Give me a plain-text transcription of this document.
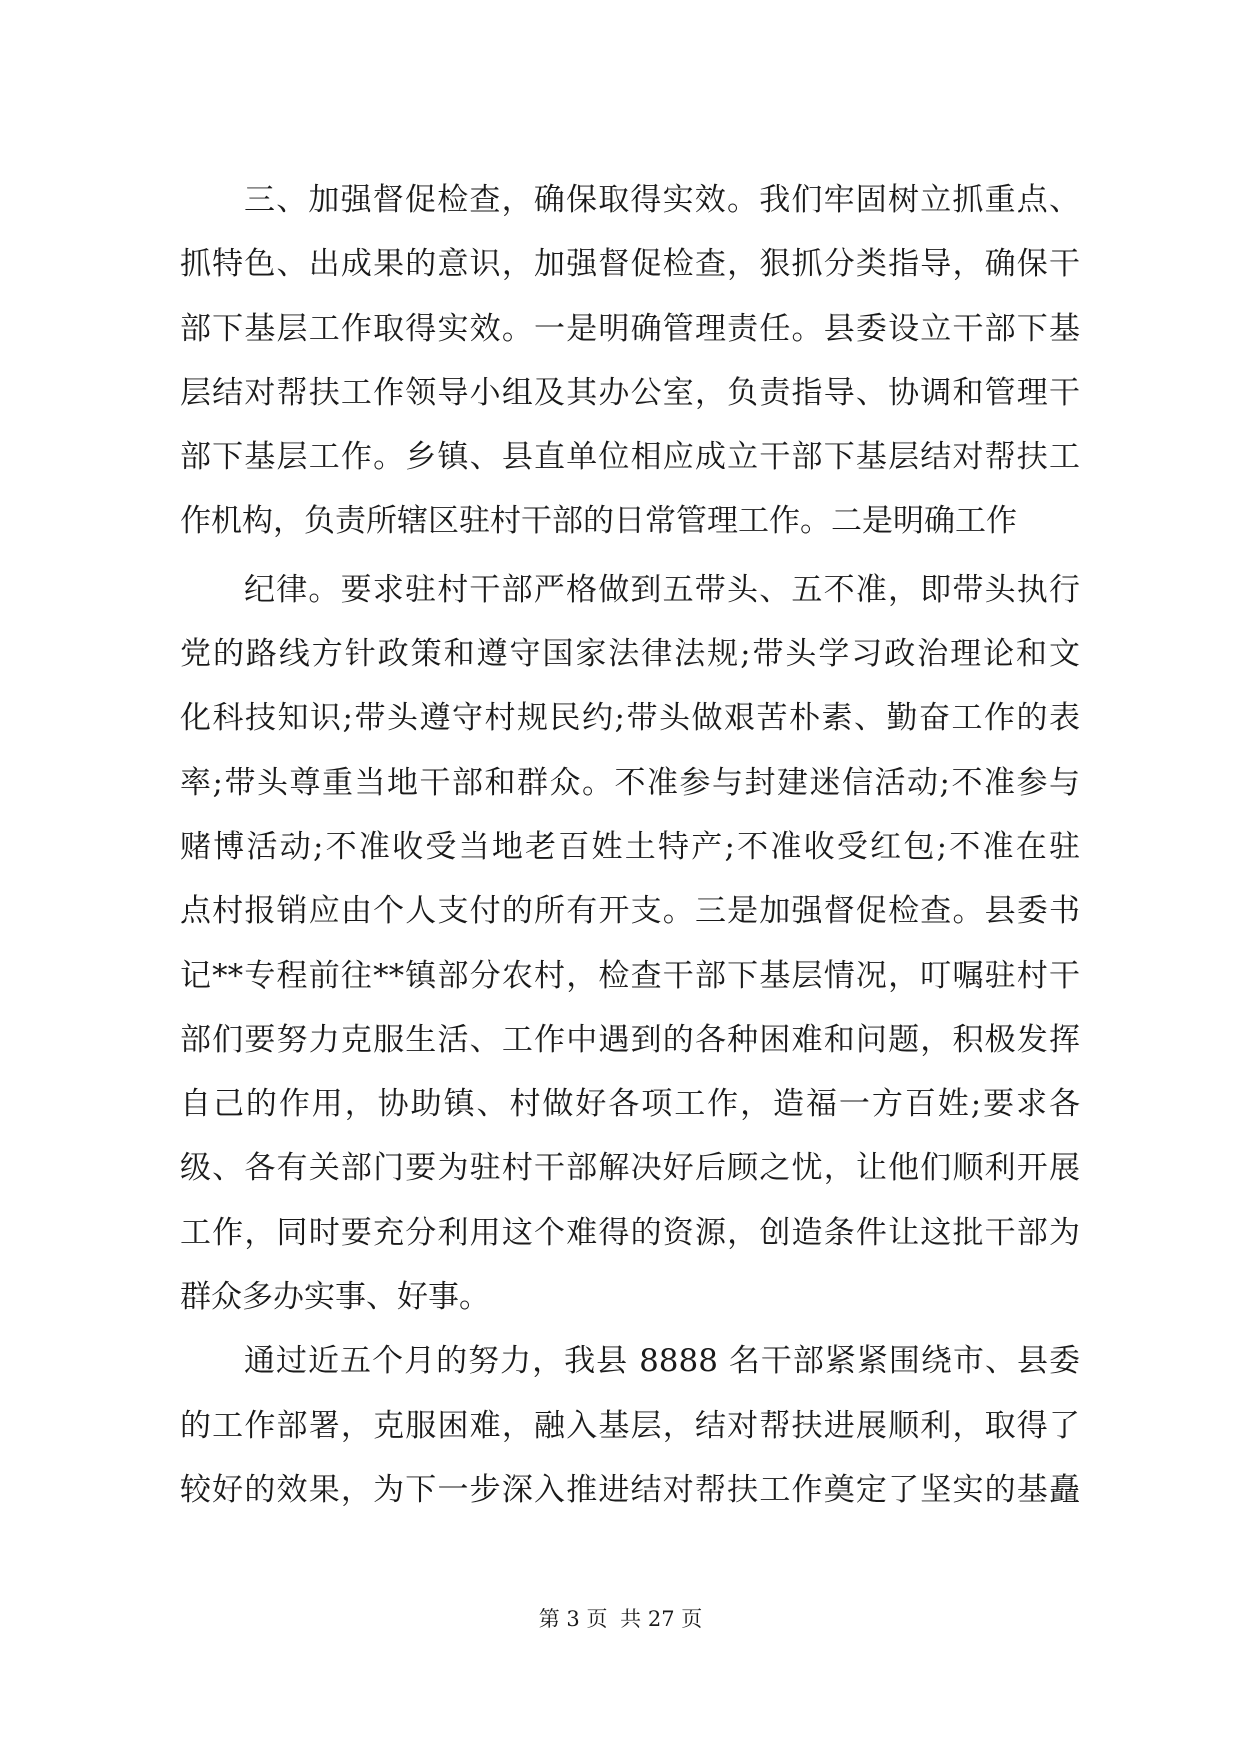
三、加强督促检查，确保取得实效。我们牢固树立抓重点、
抓特色、出成果的意识，加强督促检查，狠抓分类指导，确保干
部下基层工作取得实效。一是明确管理责任。县委设立干部下基
层结对帮扶工作领导小组及其办公室，负责指导、协调和管理干
部下基层工作。乡镇、县直单位相应成立干部下基层结对帮扶工
作机构，负责所辖区驻村干部的日常管理工作。二是明确工作
纪律。要求驻村干部严格做到五带头、五不准，即带头执行
党的路线方针政策和遵守国家法律法规;带头学习政治理论和文
化科技知识;带头遵守村规民约;带头做艰苦朴素、勤奋工作的表
率;带头尊重当地干部和群众。不准参与封建迷信活动;不准参与
赌博活动;不准收受当地老百姓土特产;不准收受红包;不准在驻
点村报销应由个人支付的所有开支。三是加强督促检查。县委书
记**专程前往**镇部分农村，检查干部下基层情况，叮嘱驻村干
部们要努力克服生活、工作中遇到的各种困难和问题，积极发挥
自己的作用，协助镇、村做好各项工作，造福一方百姓;要求各
级、各有关部门要为驻村干部解决好后顾之忧，让他们顺利开展
工作，同时要充分利用这个难得的资源，创造条件让这批干部为
群众多办实事、好事。
通过近五个月的努力，我县 8888 名干部紧紧围绕市、县委
的工作部署，克服困难，融入基层，结对帮扶进展顺利，取得了
较好的效果，为下一步深入推进结对帮扶工作奠定了坚实的基矗
第 3 页 共 27 页
